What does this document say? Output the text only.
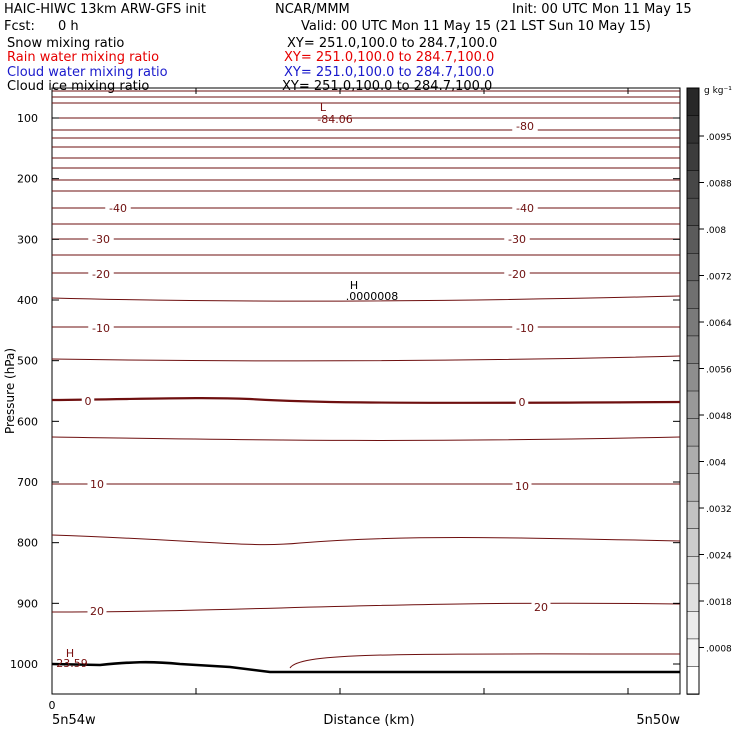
HAIC-HIWC 13km ARW-GFS init	NCAR/MMM	Init: 00 UTC Mon 11 May 15
Fcst: 0 h	Valid: 00 UTC Mon 11 May 15 (21 LST Sun 10 May 15)
Snow mixing ratio	XY= 251.0,100.0 to 284.7,100.0
Rain water mixing ratio	XY= 251.0,100.0 to 284.7,100.0
Cloud water mixing ratio	XY= 251.0,100.0 to 284.7,100.0
Cloud ice mixing ratio	XY= 251.0,100.0 to 284.7,100.0
-80
-40	-40
-30	-30
-20	-20
-10	-10
0	0
10	10
20	20
100
200
300
400
500
600
700
800
900
1000
.0095
.0088
.008
.0072
.0064
.0056
.0048
.004
.0032
.0024
.0018
.0008
Pressure (hPa)
Distance (km)
0
5n54w	5n50w
L
-84.06
H
.0000008
H
23.59
g kg⁻¹
